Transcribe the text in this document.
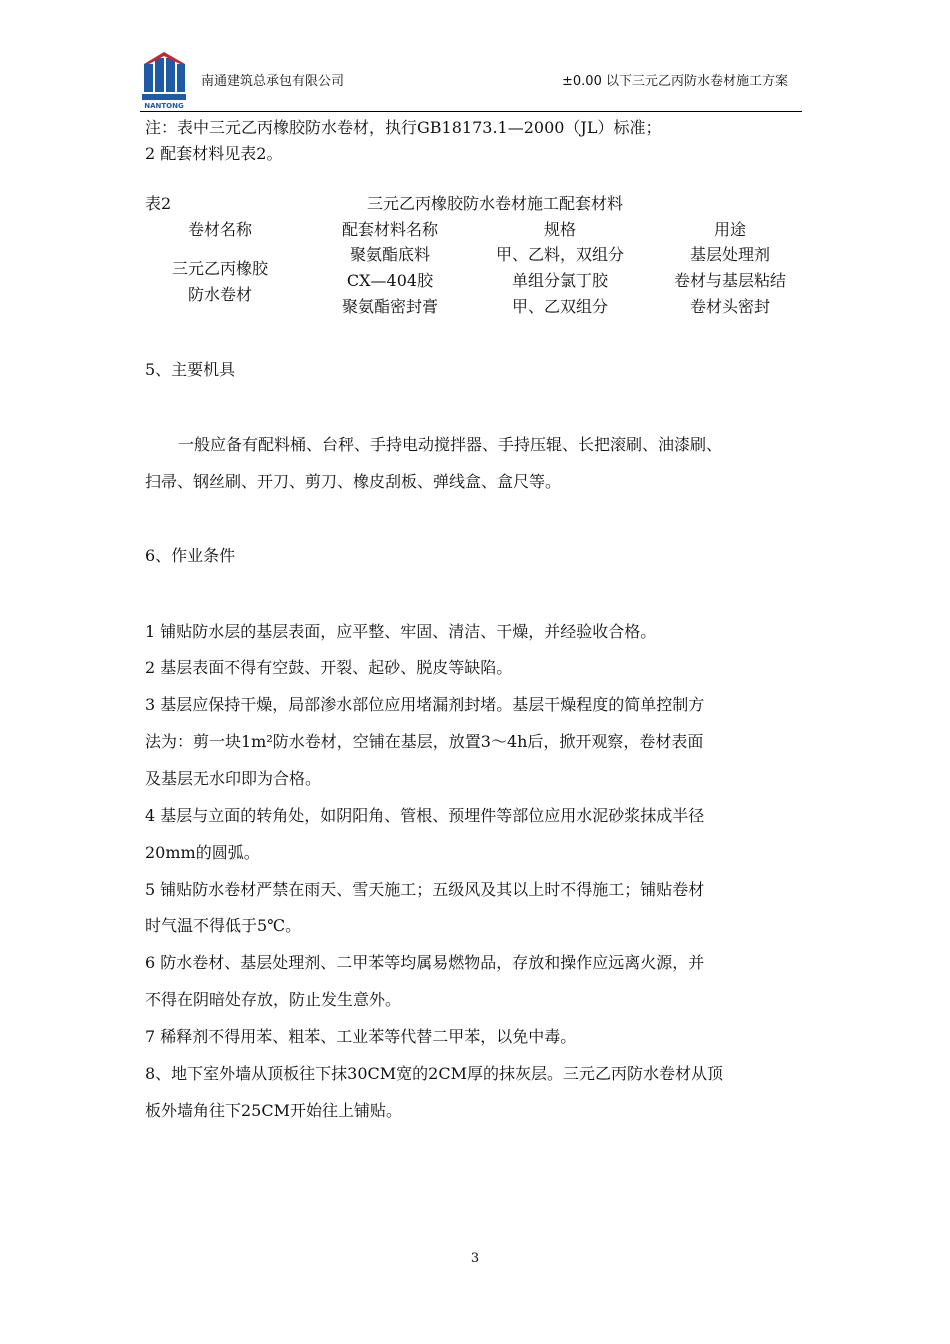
NANTONG
南通建筑总承包有限公司	±0.00 以下三元乙丙防水卷材施工方案
注：表中三元乙丙橡胶防水卷材，执行GB18173.1—2000（JL）标准；
2 配套材料见表2。
表2	三元乙丙橡胶防水卷材施工配套材料
卷材名称	配套材料名称	规格	用途
三元乙丙橡胶
防水卷材
聚氨酯底料	甲、乙料，双组分	基层处理剂
CX—404胶	单组分氯丁胶	卷材与基层粘结
聚氨酯密封膏	甲、乙双组分	卷材头密封
5、主要机具
一般应备有配料桶、台秤、手持电动搅拌器、手持压辊、长把滚刷、油漆刷、
扫帚、钢丝刷、开刀、剪刀、橡皮刮板、弹线盒、盒尺等。
6、作业条件
1 铺贴防水层的基层表面，应平整、牢固、清洁、干燥，并经验收合格。
2 基层表面不得有空鼓、开裂、起砂、脱皮等缺陷。
3 基层应保持干燥，局部渗水部位应用堵漏剂封堵。基层干燥程度的简单控制方
法为：剪一块1m²防水卷材，空铺在基层，放置3～4h后，掀开观察，卷材表面
及基层无水印即为合格。
4 基层与立面的转角处，如阴阳角、管根、预埋件等部位应用水泥砂浆抹成半径
20mm的圆弧。
5 铺贴防水卷材严禁在雨天、雪天施工；五级风及其以上时不得施工；铺贴卷材
时气温不得低于5℃。
6 防水卷材、基层处理剂、二甲苯等均属易燃物品，存放和操作应远离火源，并
不得在阴暗处存放，防止发生意外。
7 稀释剂不得用苯、粗苯、工业苯等代替二甲苯，以免中毒。
8、地下室外墙从顶板往下抹30CM宽的2CM厚的抹灰层。三元乙丙防水卷材从顶
板外墙角往下25CM开始往上铺贴。
3
